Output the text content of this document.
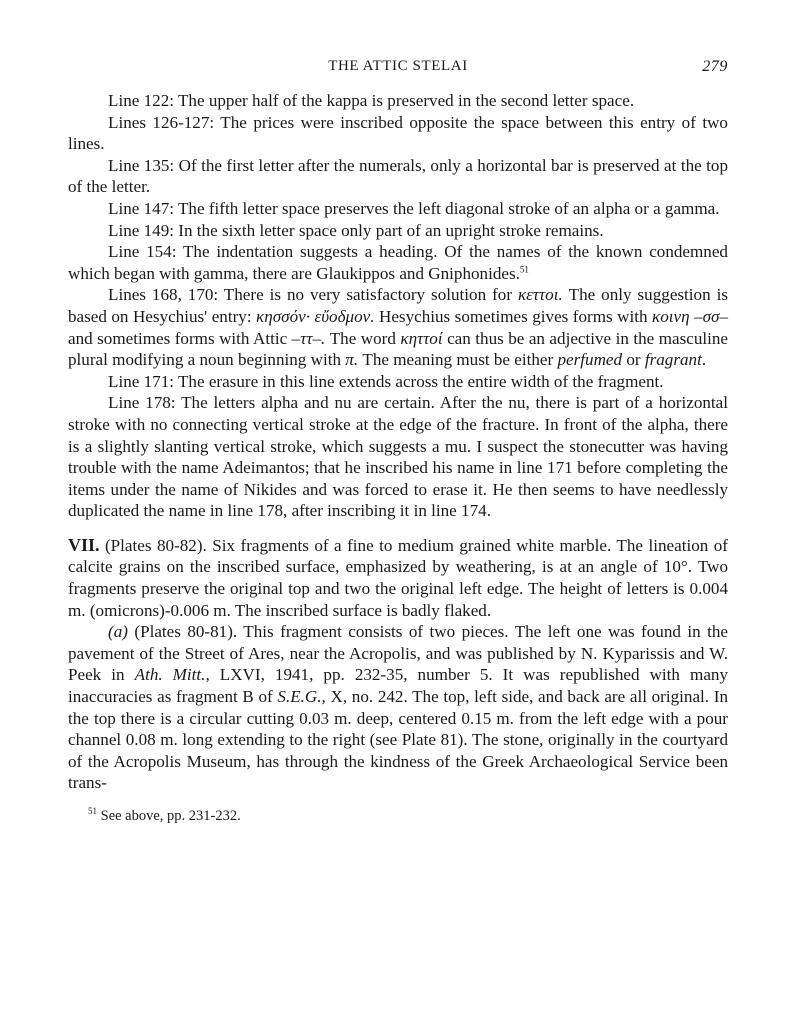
THE ATTIC STELAI	279

Line 122: The upper half of the kappa is preserved in the second letter space.

Lines 126-127: The prices were inscribed opposite the space between this entry of two lines.

Line 135: Of the first letter after the numerals, only a horizontal bar is preserved at the top of the letter.

Line 147: The fifth letter space preserves the left diagonal stroke of an alpha or a gamma.

Line 149: In the sixth letter space only part of an upright stroke remains.

Line 154: The indentation suggests a heading. Of the names of the known condemned which began with gamma, there are Glaukippos and Gniphonides.$^{51}$

Lines 168, 170: There is no very satisfactory solution for κεττοι. The only suggestion is based on Hesychius' entry: κησσόν· εὔοδμον. Hesychius sometimes gives forms with κοινη –σσ– and sometimes forms with Attic –ττ–. The word κηττοί can thus be an adjective in the masculine plural modifying a noun beginning with π. The meaning must be either perfumed or fragrant.

Line 171: The erasure in this line extends across the entire width of the fragment.

Line 178: The letters alpha and nu are certain. After the nu, there is part of a horizontal stroke with no connecting vertical stroke at the edge of the fracture. In front of the alpha, there is a slightly slanting vertical stroke, which suggests a mu. I suspect the stonecutter was having trouble with the name Adeimantos; that he inscribed his name in line 171 before completing the items under the name of Nikides and was forced to erase it. He then seems to have needlessly duplicated the name in line 178, after inscribing it in line 174.

VII. (Plates 80-82). Six fragments of a fine to medium grained white marble. The lineation of calcite grains on the inscribed surface, emphasized by weathering, is at an angle of 10°. Two fragments preserve the original top and two the original left edge. The height of letters is 0.004 m. (omicrons)-0.006 m. The inscribed surface is badly flaked.

(a) (Plates 80-81). This fragment consists of two pieces. The left one was found in the pavement of the Street of Ares, near the Acropolis, and was published by N. Kyparissis and W. Peek in Ath. Mitt., LXVI, 1941, pp. 232-35, number 5. It was republished with many inaccuracies as fragment B of S.E.G., X, no. 242. The top, left side, and back are all original. In the top there is a circular cutting 0.03 m. deep, centered 0.15 m. from the left edge with a pour channel 0.08 m. long extending to the right (see Plate 81). The stone, originally in the courtyard of the Acropolis Museum, has through the kindness of the Greek Archaeological Service been trans-

$^{51}$ See above, pp. 231-232.
